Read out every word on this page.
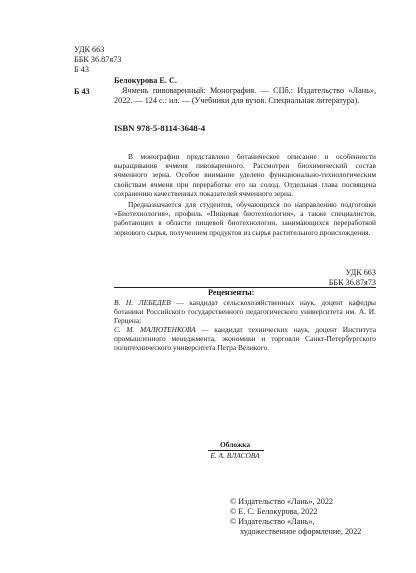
УДК 663
ББК 36.87я73
Б 43
Б 43
Белокурова Е. С.
Ячмень пивоваренный: Монография. — СПб.: Издательство «Лань», 2022. — 124 с.: ил. — (Учебники для вузов. Специальная литература).
ISBN 978-5-8114-3648-4
В монографии представлено ботаническое описание и особенности выращивания ячменя пивоваренного. Рассмотрен биохимический состав ячменного зерна. Особое внимание уделено функционально-технологическим свойствам ячменя при переработке его на солод. Отдельная глава посвящена сохранению качественных показателей ячменного зерна.
Предназначается для студентов, обучающихся по направлению подготовки «Биотехнология», профиль «Пищевая биотехнология», а также специалистов, работающих в области пищевой биотехнологии, занимающихся переработкой зернового сырья, получением продуктов из сырья растительного происхождения.
УДК 663
ББК 36.87я73
Рецензенты:
В. Н. ЛЕБЕДЕВ — кандидат сельскохозяйственных наук, доцент кафедры ботаники Российского государственного педагогического университета им. А. И. Герцена;
С. М. МАЛЮТЕНКОВА — кандидат технических наук, доцент Института промышленного менеджмента, экономики и торговли Санкт-Петербургского политехнического университета Петра Великого.
Обложка
Е. А. ВЛАСОВА
© Издательство «Лань», 2022
© Е. С. Белокурова, 2022
© Издательство «Лань»,
художественное оформление, 2022
